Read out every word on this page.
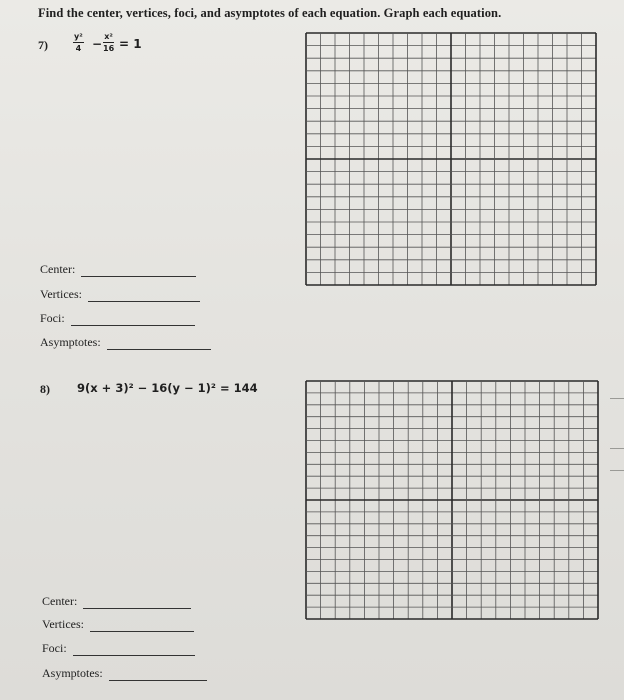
Find the center, vertices, foci, and asymptotes of each equation. Graph each equation.
7)	$\frac{\text{y²}}{4} - \frac{\text{x²}}{16} = 1$
Center:
Vertices:
Foci:
Asymptotes:
8) 9(x + 3)² − 16(y − 1)² = 144
Center:
Vertices:
Foci:
Asymptotes:
